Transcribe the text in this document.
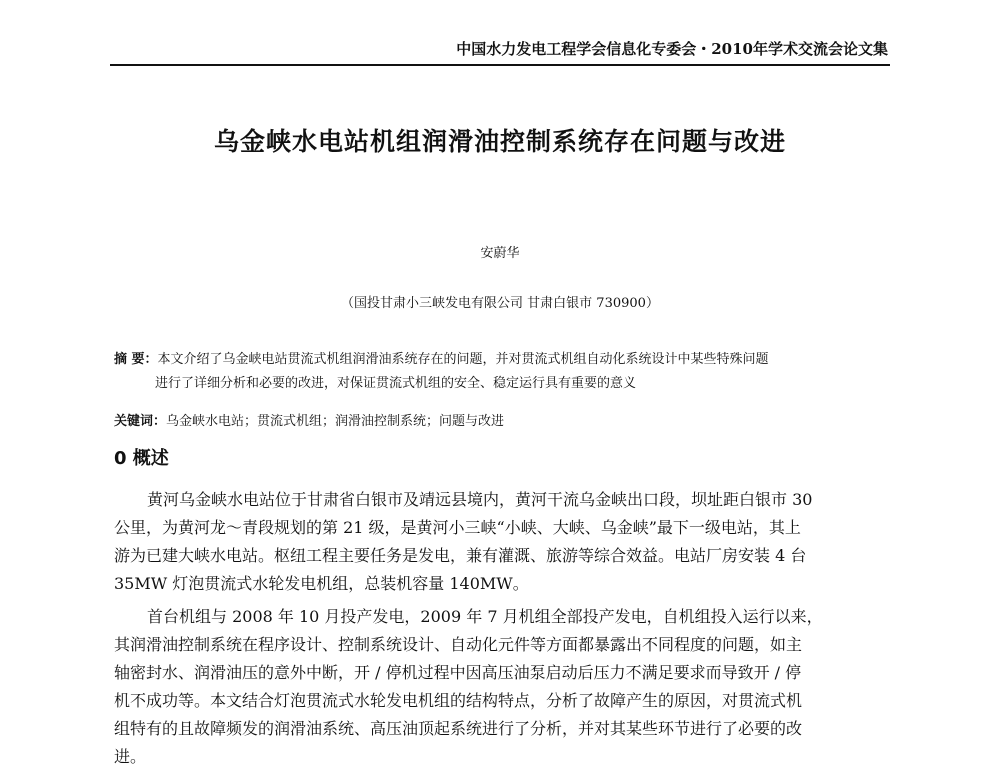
中国水力发电工程学会信息化专委会・2010年学术交流会论文集
乌金峡水电站机组润滑油控制系统存在问题与改进
安蔚华
（国投甘肃小三峡发电有限公司 甘肃白银市 730900）
摘 要：本文介绍了乌金峡电站贯流式机组润滑油系统存在的问题，并对贯流式机组自动化系统设计中某些特殊问题
进行了详细分析和必要的改进，对保证贯流式机组的安全、稳定运行具有重要的意义
关键词：乌金峡水电站；贯流式机组；润滑油控制系统；问题与改进
0 概述
黄河乌金峡水电站位于甘肃省白银市及靖远县境内，黄河干流乌金峡出口段，坝址距白银市 30
公里，为黄河龙～青段规划的第 21 级，是黄河小三峡“小峡、大峡、乌金峡”最下一级电站，其上
游为已建大峡水电站。枢纽工程主要任务是发电，兼有灌溉、旅游等综合效益。电站厂房安装 4 台
35MW 灯泡贯流式水轮发电机组，总装机容量 140MW。
首台机组与 2008 年 10 月投产发电，2009 年 7 月机组全部投产发电，自机组投入运行以来，
其润滑油控制系统在程序设计、控制系统设计、自动化元件等方面都暴露出不同程度的问题，如主
轴密封水、润滑油压的意外中断，开 / 停机过程中因高压油泵启动后压力不满足要求而导致开 / 停
机不成功等。本文结合灯泡贯流式水轮发电机组的结构特点，分析了故障产生的原因，对贯流式机
组特有的且故障频发的润滑油系统、高压油顶起系统进行了分析，并对其某些环节进行了必要的改
进。
